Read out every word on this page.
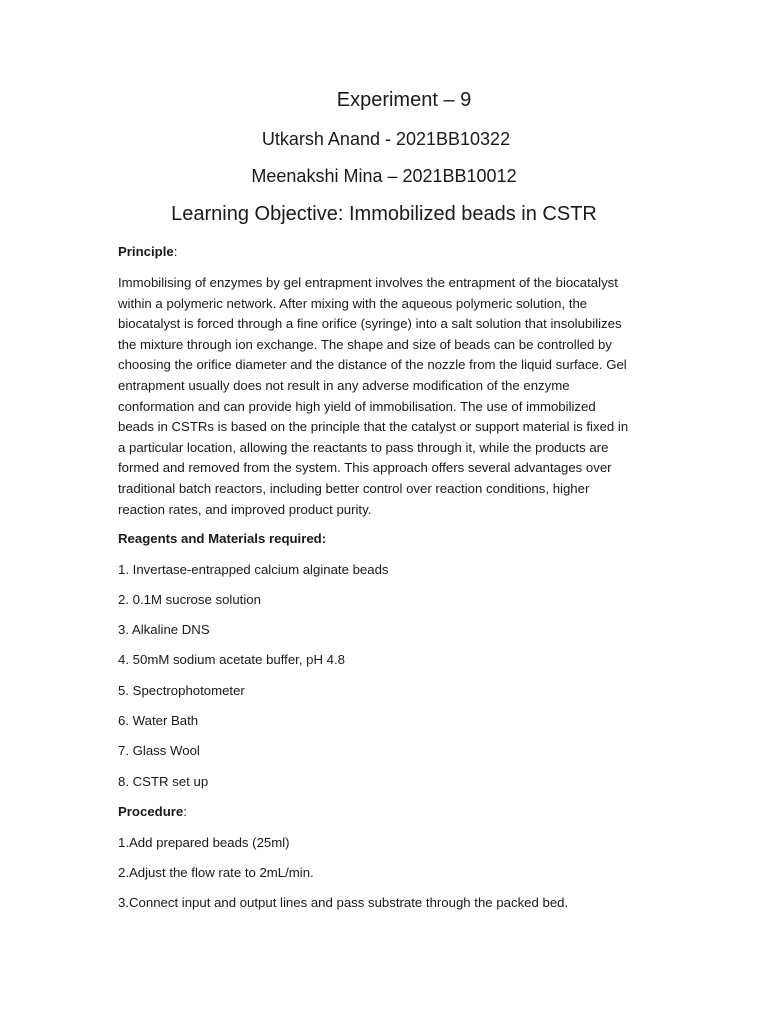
Experiment – 9
Utkarsh Anand - 2021BB10322
Meenakshi Mina – 2021BB10012
Learning Objective: Immobilized beads in CSTR
Principle:
Immobilising of enzymes by gel entrapment involves the entrapment of the biocatalyst
within a polymeric network. After mixing with the aqueous polymeric solution, the
biocatalyst is forced through a fine orifice (syringe) into a salt solution that insolubilizes
the mixture through ion exchange. The shape and size of beads can be controlled by
choosing the orifice diameter and the distance of the nozzle from the liquid surface. Gel
entrapment usually does not result in any adverse modification of the enzyme
conformation and can provide high yield of immobilisation. The use of immobilized
beads in CSTRs is based on the principle that the catalyst or support material is fixed in
a particular location, allowing the reactants to pass through it, while the products are
formed and removed from the system. This approach offers several advantages over
traditional batch reactors, including better control over reaction conditions, higher
reaction rates, and improved product purity.
Reagents and Materials required:
1. Invertase-entrapped calcium alginate beads
2. 0.1M sucrose solution
3. Alkaline DNS
4. 50mM sodium acetate buffer, pH 4.8
5. Spectrophotometer
6. Water Bath
7. Glass Wool
8. CSTR set up
Procedure:
1.Add prepared beads (25ml)
2.Adjust the flow rate to 2mL/min.
3.Connect input and output lines and pass substrate through the packed bed.
